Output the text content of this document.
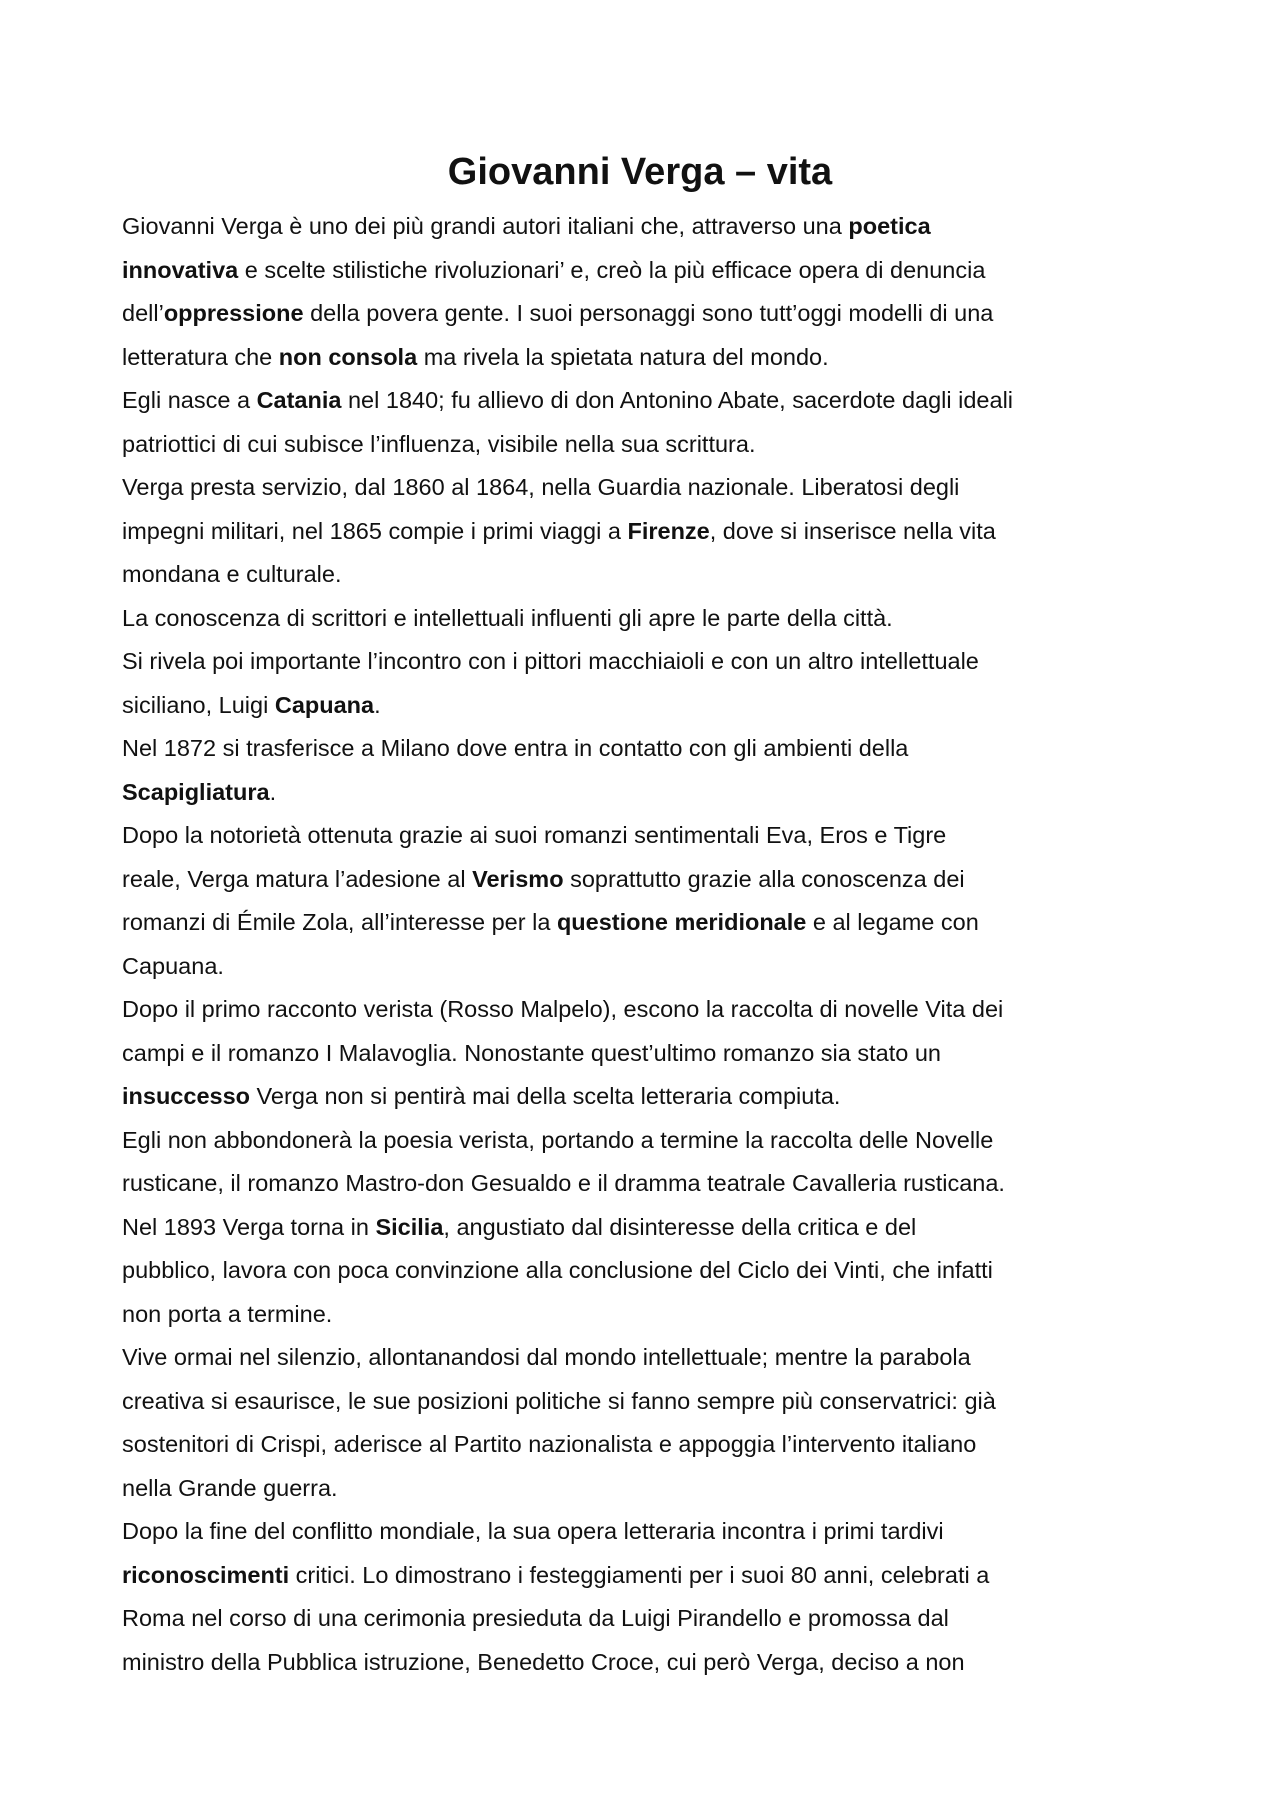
Giovanni Verga – vita
Giovanni Verga è uno dei più grandi autori italiani che, attraverso una poetica
innovativa e scelte stilistiche rivoluzionari’ e, creò la più efficace opera di denuncia
dell’oppressione della povera gente. I suoi personaggi sono tutt’oggi modelli di una
letteratura che non consola ma rivela la spietata natura del mondo.
Egli nasce a Catania nel 1840; fu allievo di don Antonino Abate, sacerdote dagli ideali
patriottici di cui subisce l’influenza, visibile nella sua scrittura.
Verga presta servizio, dal 1860 al 1864, nella Guardia nazionale. Liberatosi degli
impegni militari, nel 1865 compie i primi viaggi a Firenze, dove si inserisce nella vita
mondana e culturale.
La conoscenza di scrittori e intellettuali influenti gli apre le parte della città.
Si rivela poi importante l’incontro con i pittori macchiaioli e con un altro intellettuale
siciliano, Luigi Capuana.
Nel 1872 si trasferisce a Milano dove entra in contatto con gli ambienti della
Scapigliatura.
Dopo la notorietà ottenuta grazie ai suoi romanzi sentimentali Eva, Eros e Tigre
reale, Verga matura l’adesione al Verismo soprattutto grazie alla conoscenza dei
romanzi di Émile Zola, all’interesse per la questione meridionale e al legame con
Capuana.
Dopo il primo racconto verista (Rosso Malpelo), escono la raccolta di novelle Vita dei
campi e il romanzo I Malavoglia. Nonostante quest’ultimo romanzo sia stato un
insuccesso Verga non si pentirà mai della scelta letteraria compiuta.
Egli non abbondonerà la poesia verista, portando a termine la raccolta delle Novelle
rusticane, il romanzo Mastro-don Gesualdo e il dramma teatrale Cavalleria rusticana.
Nel 1893 Verga torna in Sicilia, angustiato dal disinteresse della critica e del
pubblico, lavora con poca convinzione alla conclusione del Ciclo dei Vinti, che infatti
non porta a termine.
Vive ormai nel silenzio, allontanandosi dal mondo intellettuale; mentre la parabola
creativa si esaurisce, le sue posizioni politiche si fanno sempre più conservatrici: già
sostenitori di Crispi, aderisce al Partito nazionalista e appoggia l’intervento italiano
nella Grande guerra.
Dopo la fine del conflitto mondiale, la sua opera letteraria incontra i primi tardivi
riconoscimenti critici. Lo dimostrano i festeggiamenti per i suoi 80 anni, celebrati a
Roma nel corso di una cerimonia presieduta da Luigi Pirandello e promossa dal
ministro della Pubblica istruzione, Benedetto Croce, cui però Verga, deciso a non
